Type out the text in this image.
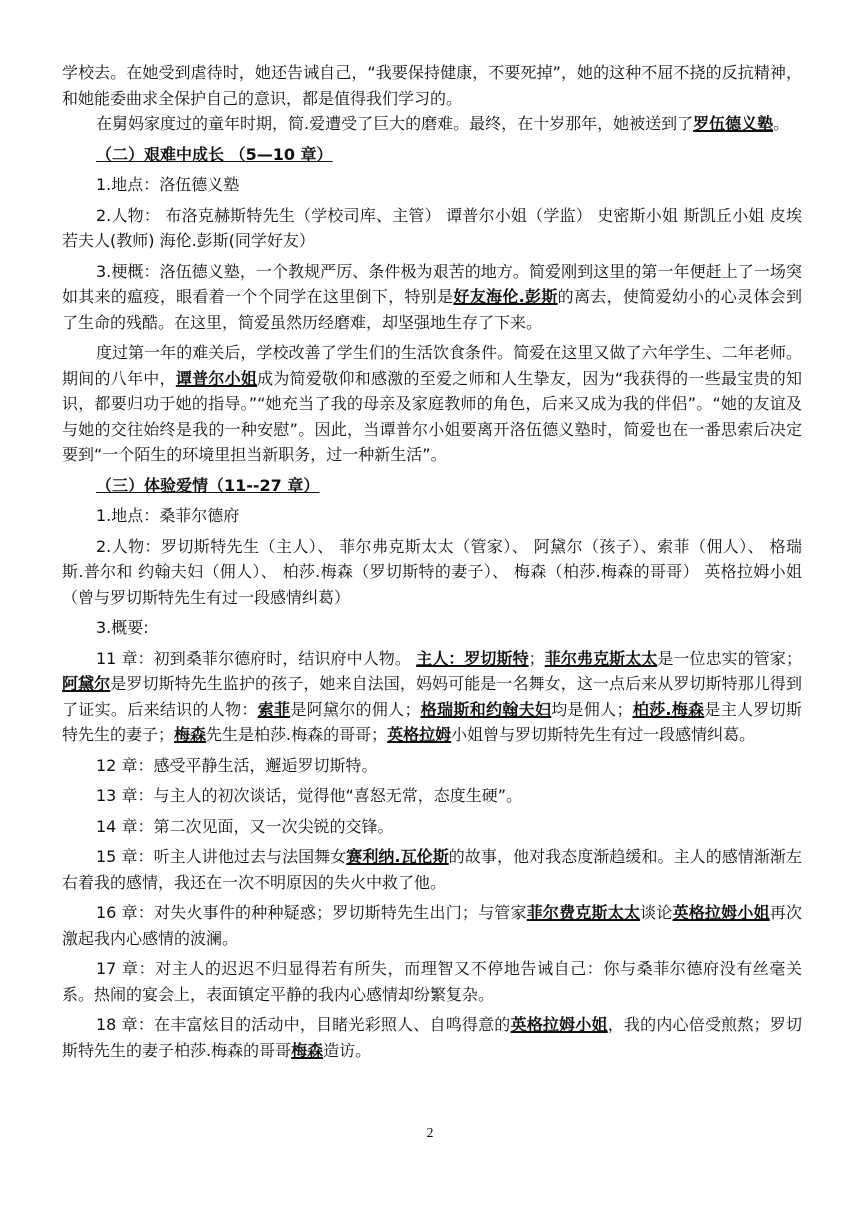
学校去。在她受到虐待时，她还告诫自己，“我要保持健康，不要死掉”，她的这种不屈不挠的反抗精神，和她能委曲求全保护自己的意识，都是值得我们学习的。

在舅妈家度过的童年时期，简.爱遭受了巨大的磨难。最终，在十岁那年，她被送到了罗伍德义塾。

（二）艰难中成长 （5—10 章）

1.地点：洛伍德义塾

2.人物： 布洛克赫斯特先生（学校司库、主管） 谭普尔小姐（学监） 史密斯小姐 斯凯丘小姐 皮埃若夫人(教师) 海伦.彭斯(同学好友）

3.梗概：洛伍德义塾，一个教规严厉、条件极为艰苦的地方。简爱刚到这里的第一年便赶上了一场突如其来的瘟疫，眼看着一个个同学在这里倒下，特别是好友海伦.彭斯的离去，使简爱幼小的心灵体会到了生命的残酷。在这里，简爱虽然历经磨难，却坚强地生存了下来。

度过第一年的难关后，学校改善了学生们的生活饮食条件。简爱在这里又做了六年学生、二年老师。期间的八年中，谭普尔小姐成为简爱敬仰和感激的至爱之师和人生挚友，因为“我获得的一些最宝贵的知识，都要归功于她的指导。”“她充当了我的母亲及家庭教师的角色，后来又成为我的伴侣”。“她的友谊及与她的交往始终是我的一种安慰”。因此，当谭普尔小姐要离开洛伍德义塾时，简爱也在一番思索后决定要到“一个陌生的环境里担当新职务，过一种新生活”。

（三）体验爱情（11--27 章）

1.地点：桑菲尔德府

2.人物：罗切斯特先生（主人）、 菲尔弗克斯太太（管家）、 阿黛尔（孩子）、索菲（佣人）、 格瑞斯.普尔和 约翰夫妇（佣人）、 柏莎.梅森（罗切斯特的妻子）、 梅森（柏莎.梅森的哥哥） 英格拉姆小姐 （曾与罗切斯特先生有过一段感情纠葛）

3.概要:

11 章：初到桑菲尔德府时，结识府中人物。 主人：罗切斯特；菲尔弗克斯太太是一位忠实的管家；阿黛尔是罗切斯特先生监护的孩子，她来自法国，妈妈可能是一名舞女，这一点后来从罗切斯特那儿得到了证实。后来结识的人物：索菲是阿黛尔的佣人；格瑞斯和约翰夫妇均是佣人；柏莎.梅森是主人罗切斯特先生的妻子；梅森先生是柏莎.梅森的哥哥；英格拉姆小姐曾与罗切斯特先生有过一段感情纠葛。

12 章：感受平静生活，邂逅罗切斯特。

13 章：与主人的初次谈话，觉得他“喜怒无常，态度生硬”。

14 章：第二次见面，又一次尖锐的交锋。

15 章：听主人讲他过去与法国舞女赛利纳.瓦伦斯的故事，他对我态度渐趋缓和。主人的感情渐渐左右着我的感情，我还在一次不明原因的失火中救了他。

16 章：对失火事件的种种疑惑；罗切斯特先生出门；与管家菲尔费克斯太太谈论英格拉姆小姐再次激起我内心感情的波澜。

17 章：对主人的迟迟不归显得若有所失，而理智又不停地告诫自己：你与桑菲尔德府没有丝毫关系。热闹的宴会上，表面镇定平静的我内心感情却纷繁复杂。

18 章：在丰富炫目的活动中，目睹光彩照人、自鸣得意的英格拉姆小姐，我的内心倍受煎熬；罗切斯特先生的妻子柏莎.梅森的哥哥梅森造访。

2
